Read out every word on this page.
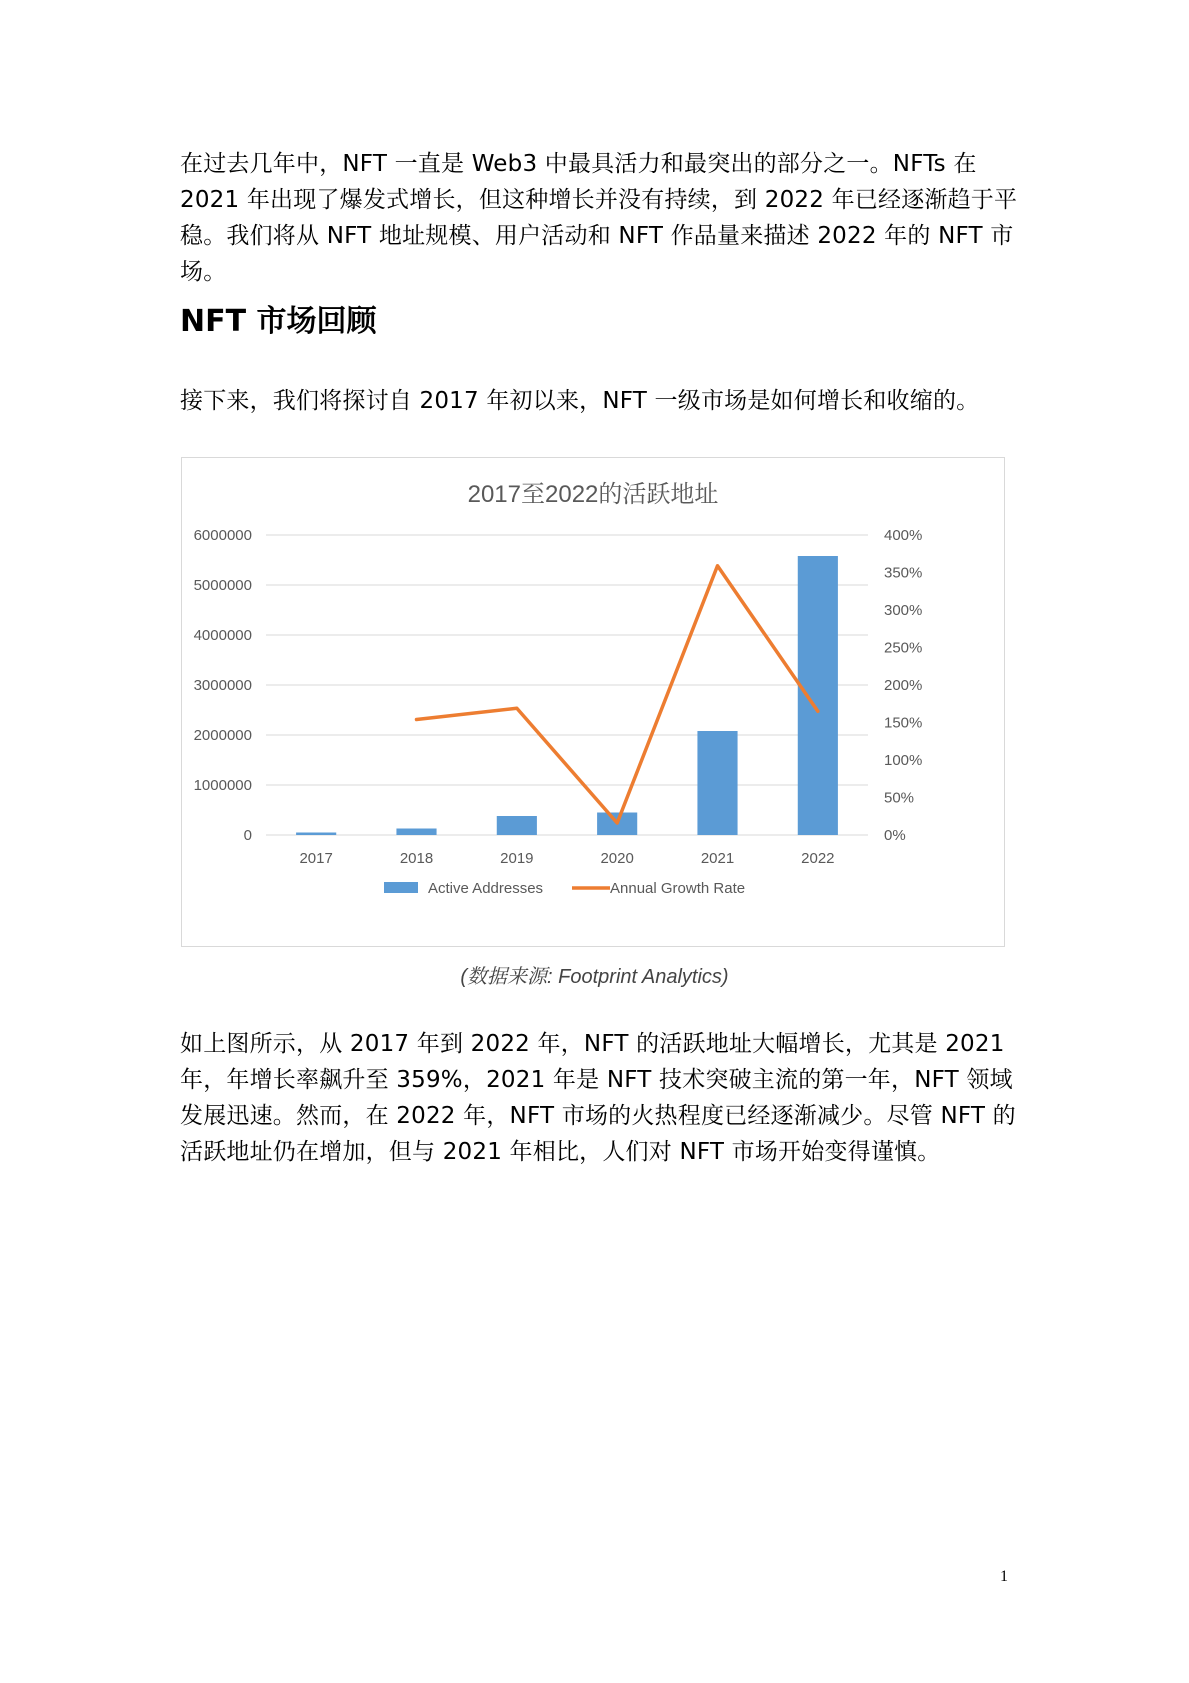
在过去几年中，NFT 一直是 Web3 中最具活力和最突出的部分之一。NFTs 在 2021 年出现了爆发式增长，但这种增长并没有持续，到 2022 年已经逐渐趋于平稳。我们将从 NFT 地址规模、用户活动和 NFT 作品量来描述 2022 年的 NFT 市场。

NFT 市场回顾

接下来，我们将探讨自 2017 年初以来，NFT 一级市场是如何增长和收缩的。

2017至2022的活跃地址
0
1000000
2000000
3000000
4000000
5000000
6000000
0%
50%
100%
150%
200%
250%
300%
350%
400%
2017	2018	2019	2020	2021	2022
Active Addresses	Annual Growth Rate
(数据来源: Footprint Analytics)

如上图所示，从 2017 年到 2022 年，NFT 的活跃地址大幅增长，尤其是 2021 年，年增长率飙升至 359%，2021 年是 NFT 技术突破主流的第一年，NFT 领域发展迅速。然而，在 2022 年，NFT 市场的火热程度已经逐渐减少。尽管 NFT 的活跃地址仍在增加，但与 2021 年相比，人们对 NFT 市场开始变得谨慎。

1
